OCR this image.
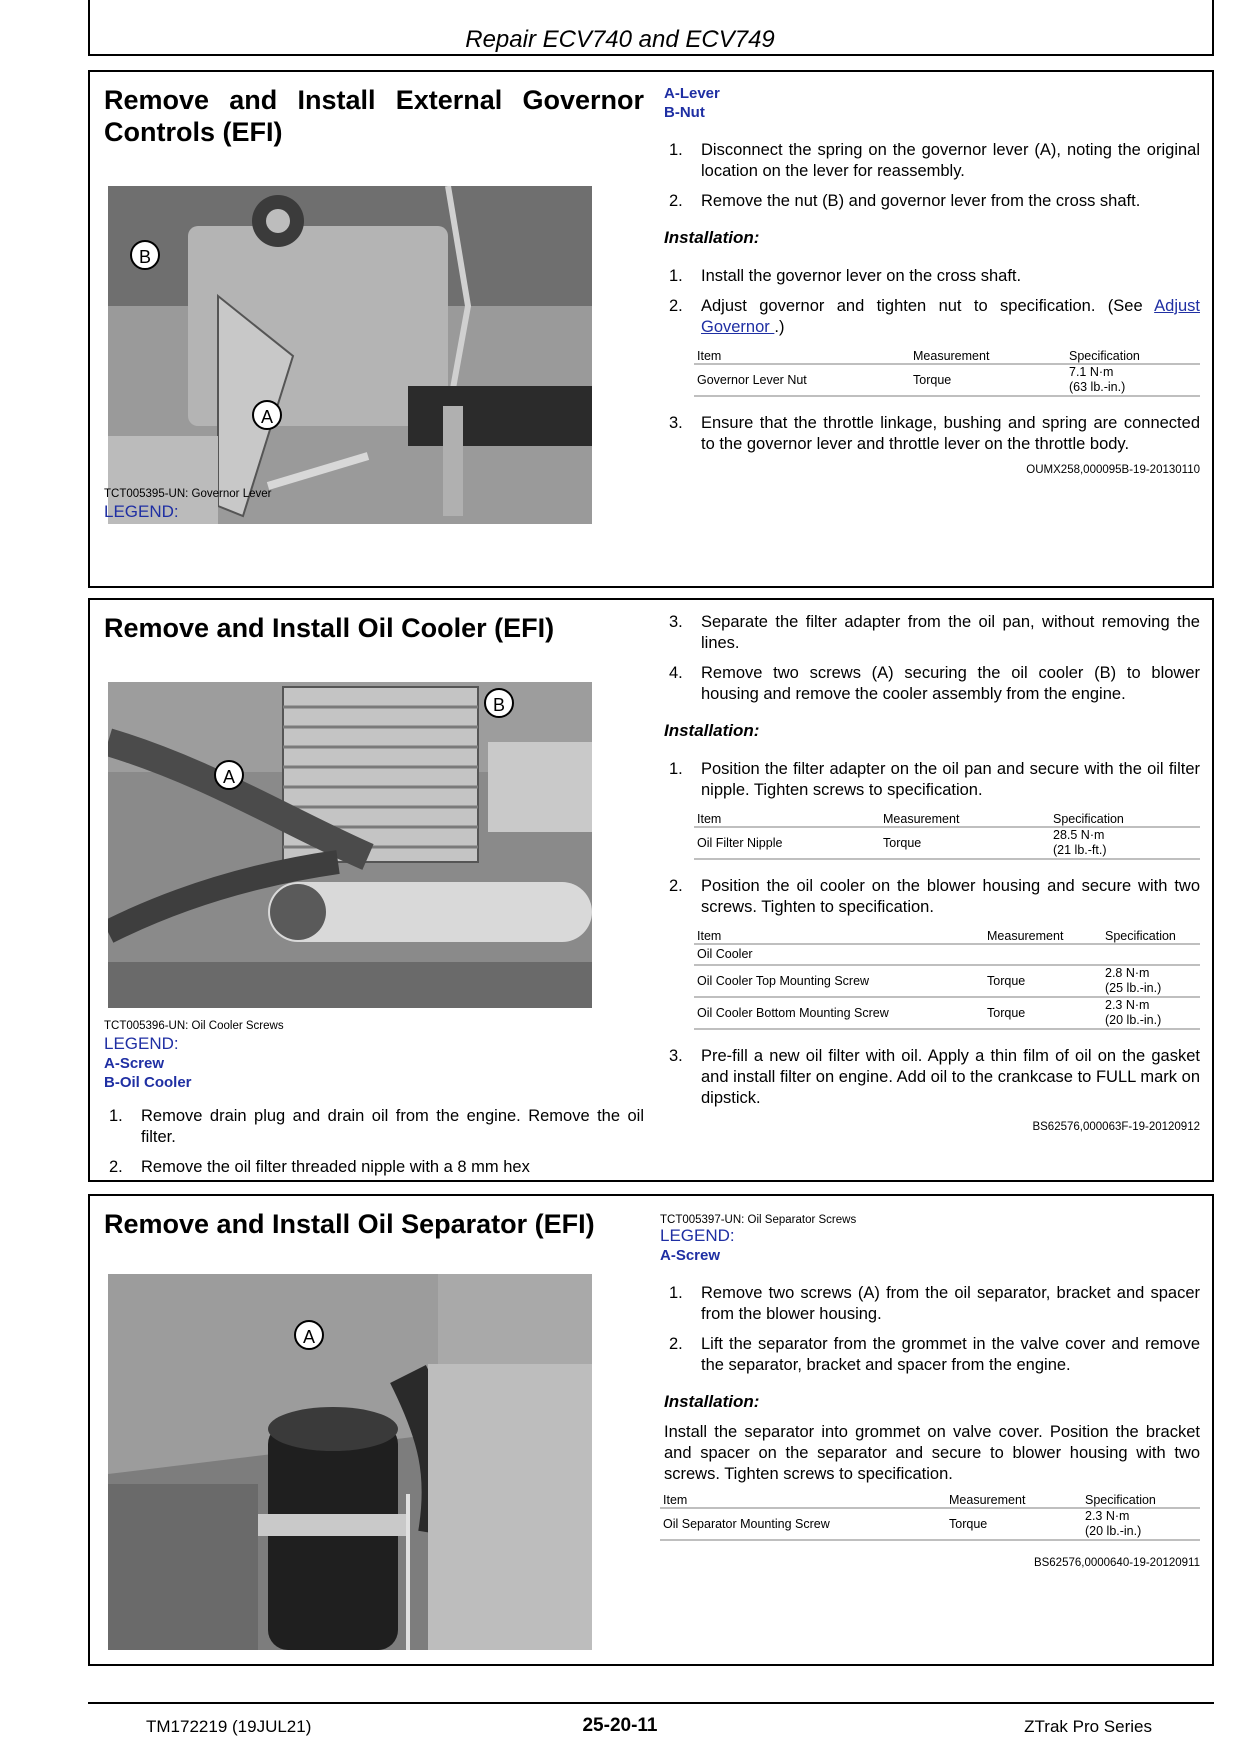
Repair ECV740 and ECV749
Remove and Install External Governor Controls (EFI)
B
A
TCT005395-UN: Governor Lever
LEGEND:
A-Lever
B-Nut
1. Disconnect the spring on the governor lever (A), noting the original location on the lever for reassembly.
2. Remove the nut (B) and governor lever from the cross shaft.
Installation:
1. Install the governor lever on the cross shaft.
2. Adjust governor and tighten nut to specification. (See Adjust Governor .)
Item	Measurement	Specification
Governor Lever Nut	Torque	7.1 N·m
(63 lb.-in.)
3. Ensure that the throttle linkage, bushing and spring are connected to the governor lever and throttle lever on the throttle body.
OUMX258,000095B-19-20130110
Remove and Install Oil Cooler (EFI)
A
B
TCT005396-UN: Oil Cooler Screws
LEGEND:
A-Screw
B-Oil Cooler
1. Remove drain plug and drain oil from the engine. Remove the oil filter.
2. Remove the oil filter threaded nipple with a 8 mm hex
3. Separate the filter adapter from the oil pan, without removing the lines.
4. Remove two screws (A) securing the oil cooler (B) to blower housing and remove the cooler assembly from the engine.
Installation:
1. Position the filter adapter on the oil pan and secure with the oil filter nipple. Tighten screws to specification.
Item	Measurement	Specification
Oil Filter Nipple	Torque	28.5 N·m
(21 lb.-ft.)
2. Position the oil cooler on the blower housing and secure with two screws. Tighten to specification.
Item	Measurement	Specification
Oil Cooler		
Oil Cooler Top Mounting Screw	Torque	2.8 N·m
(25 lb.-in.)

Oil Cooler Bottom Mounting Screw	Torque	2.3 N·m
(20 lb.-in.)
3. Pre-fill a new oil filter with oil. Apply a thin film of oil on the gasket and install filter on engine. Add oil to the crankcase to FULL mark on dipstick.
BS62576,000063F-19-20120912
Remove and Install Oil Separator (EFI)
A
TCT005397-UN: Oil Separator Screws
LEGEND:
A-Screw
1. Remove two screws (A) from the oil separator, bracket and spacer from the blower housing.
2. Lift the separator from the grommet in the valve cover and remove the separator, bracket and spacer from the engine.
Installation:
Install the separator into grommet on valve cover. Position the bracket and spacer on the separator and secure to blower housing with two screws. Tighten screws to specification.
Item	Measurement	Specification
Oil Separator Mounting Screw	Torque	2.3 N·m
(20 lb.-in.)
BS62576,0000640-19-20120911
TM172219 (19JUL21)	25-20-11	ZTrak Pro Series
